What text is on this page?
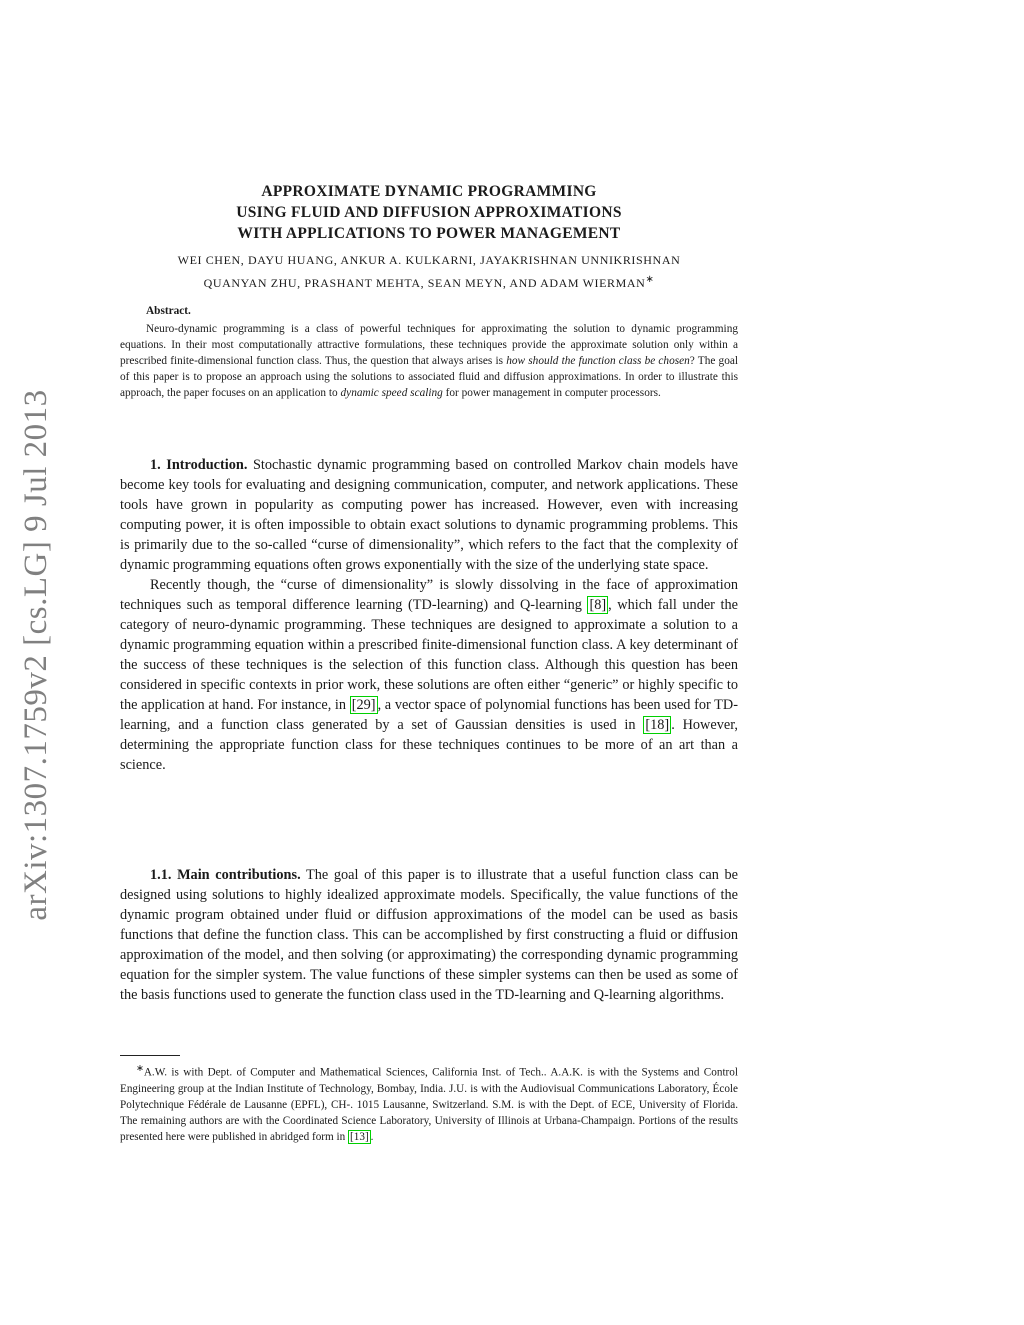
arXiv:1307.1759v2 [cs.LG] 9 Jul 2013
APPROXIMATE DYNAMIC PROGRAMMING
USING FLUID AND DIFFUSION APPROXIMATIONS
WITH APPLICATIONS TO POWER MANAGEMENT
WEI CHEN, DAYU HUANG, ANKUR A. KULKARNI, JAYAKRISHNAN UNNIKRISHNAN
QUANYAN ZHU, PRASHANT MEHTA, SEAN MEYN, AND ADAM WIERMAN∗
Abstract.

Neuro-dynamic programming is a class of powerful techniques for approximating the solution to dynamic programming equations. In their most computationally attractive formulations, these techniques provide the approximate solution only within a prescribed finite-dimensional function class. Thus, the question that always arises is how should the function class be chosen? The goal of this paper is to propose an approach using the solutions to associated fluid and diffusion approximations. In order to illustrate this approach, the paper focuses on an application to dynamic speed scaling for power management in computer processors.

1. Introduction. Stochastic dynamic programming based on controlled Markov chain models have become key tools for evaluating and designing communication, computer, and network applications. These tools have grown in popularity as computing power has increased. However, even with increasing computing power, it is often impossible to obtain exact solutions to dynamic programming problems. This is primarily due to the so-called “curse of dimensionality”, which refers to the fact that the complexity of dynamic programming equations often grows exponentially with the size of the underlying state space.

Recently though, the “curse of dimensionality” is slowly dissolving in the face of approximation techniques such as temporal difference learning (TD-learning) and Q-learning [8] , which fall under the category of neuro-dynamic programming. These techniques are designed to approximate a solution to a dynamic programming equation within a prescribed finite-dimensional function class. A key determinant of the success of these techniques is the selection of this function class. Although this question has been considered in specific contexts in prior work, these solutions are often either “generic” or highly specific to the application at hand. For instance, in [29] , a vector space of polynomial functions has been used for TD-learning, and a function class generated by a set of Gaussian densities is used in [18] . However, determining the appropriate function class for these techniques continues to be more of an art than a science.

1.1. Main contributions. The goal of this paper is to illustrate that a useful function class can be designed using solutions to highly idealized approximate models. Specifically, the value functions of the dynamic program obtained under fluid or diffusion approximations of the model can be used as basis functions that define the function class. This can be accomplished by first constructing a fluid or diffusion approximation of the model, and then solving (or approximating) the corresponding dynamic programming equation for the simpler system. The value functions of these simpler systems can then be used as some of the basis functions used to generate the function class used in the TD-learning and Q-learning algorithms.

∗A.W. is with Dept. of Computer and Mathematical Sciences, California Inst. of Tech.. A.A.K. is with the Systems and Control Engineering group at the Indian Institute of Technology, Bombay, India. J.U. is with the Audiovisual Communications Laboratory, École Polytechnique Fédérale de Lausanne (EPFL), CH-. 1015 Lausanne, Switzerland. S.M. is with the Dept. of ECE, University of Florida. The remaining authors are with the Coordinated Science Laboratory, University of Illinois at Urbana-Champaign. Portions of the results presented here were published in abridged form in [13] .
